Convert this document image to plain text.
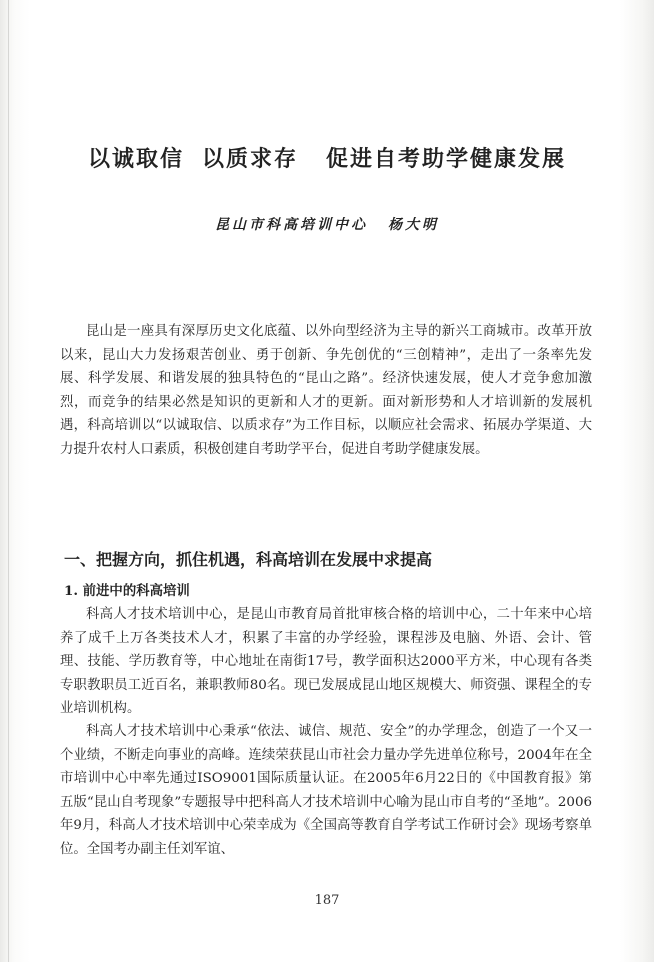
以诚取信 以质求存 促进自考助学健康发展
昆山市科高培训中心 杨大明

昆山是一座具有深厚历史文化底蕴、以外向型经济为主导的新兴工商城市。改革开放以来，昆山大力发扬艰苦创业、勇于创新、争先创优的“三创精神”，走出了一条率先发展、科学发展、和谐发展的独具特色的“昆山之路”。经济快速发展，使人才竞争愈加激烈，而竞争的结果必然是知识的更新和人才的更新。面对新形势和人才培训新的发展机遇，科高培训以“以诚取信、以质求存”为工作目标，以顺应社会需求、拓展办学渠道、大力提升农村人口素质，积极创建自考助学平台，促进自考助学健康发展。

一、把握方向，抓住机遇，科高培训在发展中求提高
1. 前进中的科高培训

科高人才技术培训中心，是昆山市教育局首批审核合格的培训中心，二十年来中心培养了成千上万各类技术人才，积累了丰富的办学经验，课程涉及电脑、外语、会计、管理、技能、学历教育等，中心地址在南街17号，教学面积达2000平方米，中心现有各类专职教职员工近百名，兼职教师80名。现已发展成昆山地区规模大、师资强、课程全的专业培训机构。

科高人才技术培训中心秉承“依法、诚信、规范、安全”的办学理念，创造了一个又一个业绩，不断走向事业的高峰。连续荣获昆山市社会力量办学先进单位称号，2004年在全市培训中心中率先通过ISO9001国际质量认证。在2005年6月22日的《中国教育报》第五版“昆山自考现象”专题报导中把科高人才技术培训中心喻为昆山市自考的“圣地”。2006年9月，科高人才技术培训中心荣幸成为《全国高等教育自学考试工作研讨会》现场考察单位。全国考办副主任刘军谊、

187
